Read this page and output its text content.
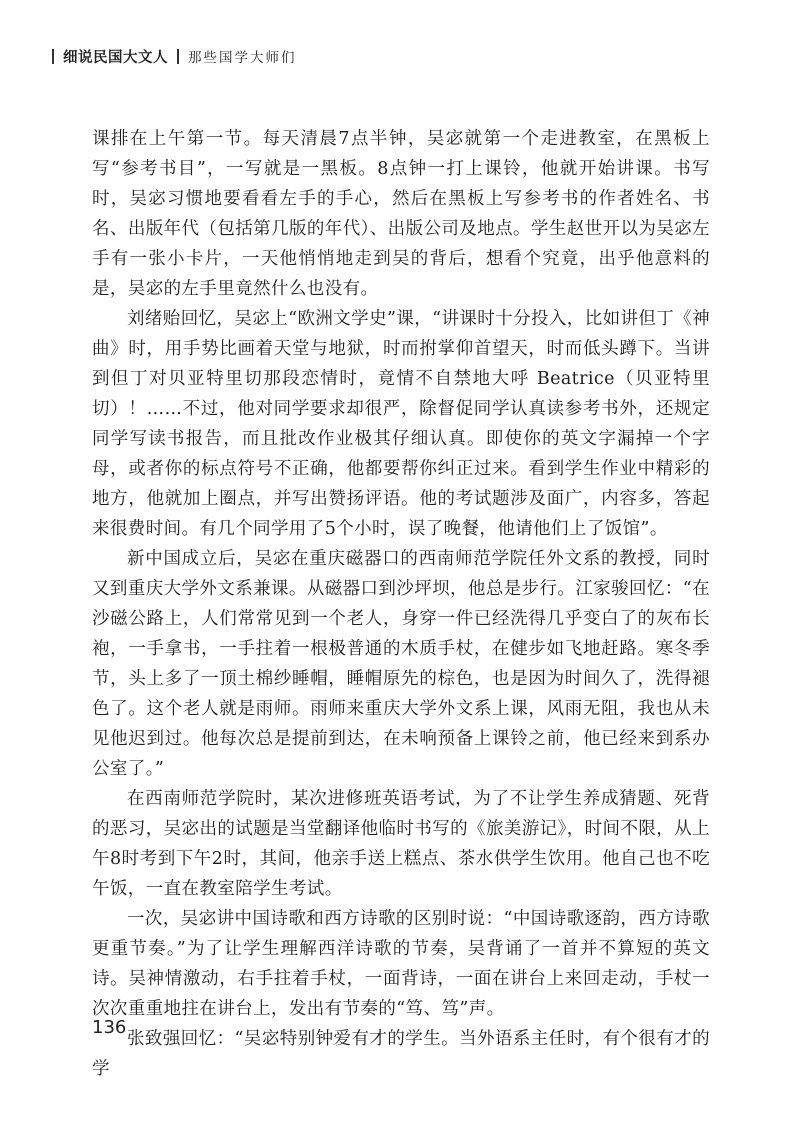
细说民国大文人 那些国学大师们

课排在上午第一节。每天清晨7点半钟，吴宓就第一个走进教室，在黑板上写“参考书目”，一写就是一黑板。8点钟一打上课铃，他就开始讲课。书写时，吴宓习惯地要看看左手的手心，然后在黑板上写参考书的作者姓名、书名、出版年代（包括第几版的年代）、出版公司及地点。学生赵世开以为吴宓左手有一张小卡片，一天他悄悄地走到吴的背后，想看个究竟，出乎他意料的是，吴宓的左手里竟然什么也没有。

刘绪贻回忆，吴宓上“欧洲文学史”课，“讲课时十分投入，比如讲但丁《神曲》时，用手势比画着天堂与地狱，时而拊掌仰首望天，时而低头蹲下。当讲到但丁对贝亚特里切那段恋情时，竟情不自禁地大呼 Beatrice（贝亚特里切）！……不过，他对同学要求却很严，除督促同学认真读参考书外，还规定同学写读书报告，而且批改作业极其仔细认真。即使你的英文字漏掉一个字母，或者你的标点符号不正确，他都要帮你纠正过来。看到学生作业中精彩的地方，他就加上圈点，并写出赞扬评语。他的考试题涉及面广，内容多，答起来很费时间。有几个同学用了5个小时，误了晚餐，他请他们上了饭馆”。

新中国成立后，吴宓在重庆磁器口的西南师范学院任外文系的教授，同时又到重庆大学外文系兼课。从磁器口到沙坪坝，他总是步行。江家骏回忆：“在沙磁公路上，人们常常见到一个老人，身穿一件已经洗得几乎变白了的灰布长袍，一手拿书，一手拄着一根极普通的木质手杖，在健步如飞地赶路。寒冬季节，头上多了一顶土棉纱睡帽，睡帽原先的棕色，也是因为时间久了，洗得褪色了。这个老人就是雨师。雨师来重庆大学外文系上课，风雨无阻，我也从未见他迟到过。他每次总是提前到达，在未响预备上课铃之前，他已经来到系办公室了。”

在西南师范学院时，某次进修班英语考试，为了不让学生养成猜题、死背的恶习，吴宓出的试题是当堂翻译他临时书写的《旅美游记》，时间不限，从上午8时考到下午2时，其间，他亲手送上糕点、茶水供学生饮用。他自己也不吃午饭，一直在教室陪学生考试。

一次，吴宓讲中国诗歌和西方诗歌的区别时说：“中国诗歌逐韵，西方诗歌更重节奏。”为了让学生理解西洋诗歌的节奏，吴背诵了一首并不算短的英文诗。吴神情激动，右手拄着手杖，一面背诗，一面在讲台上来回走动，手杖一次次重重地拄在讲台上，发出有节奏的“笃、笃”声。

张致强回忆：“吴宓特别钟爱有才的学生。当外语系主任时，有个很有才的学

136
